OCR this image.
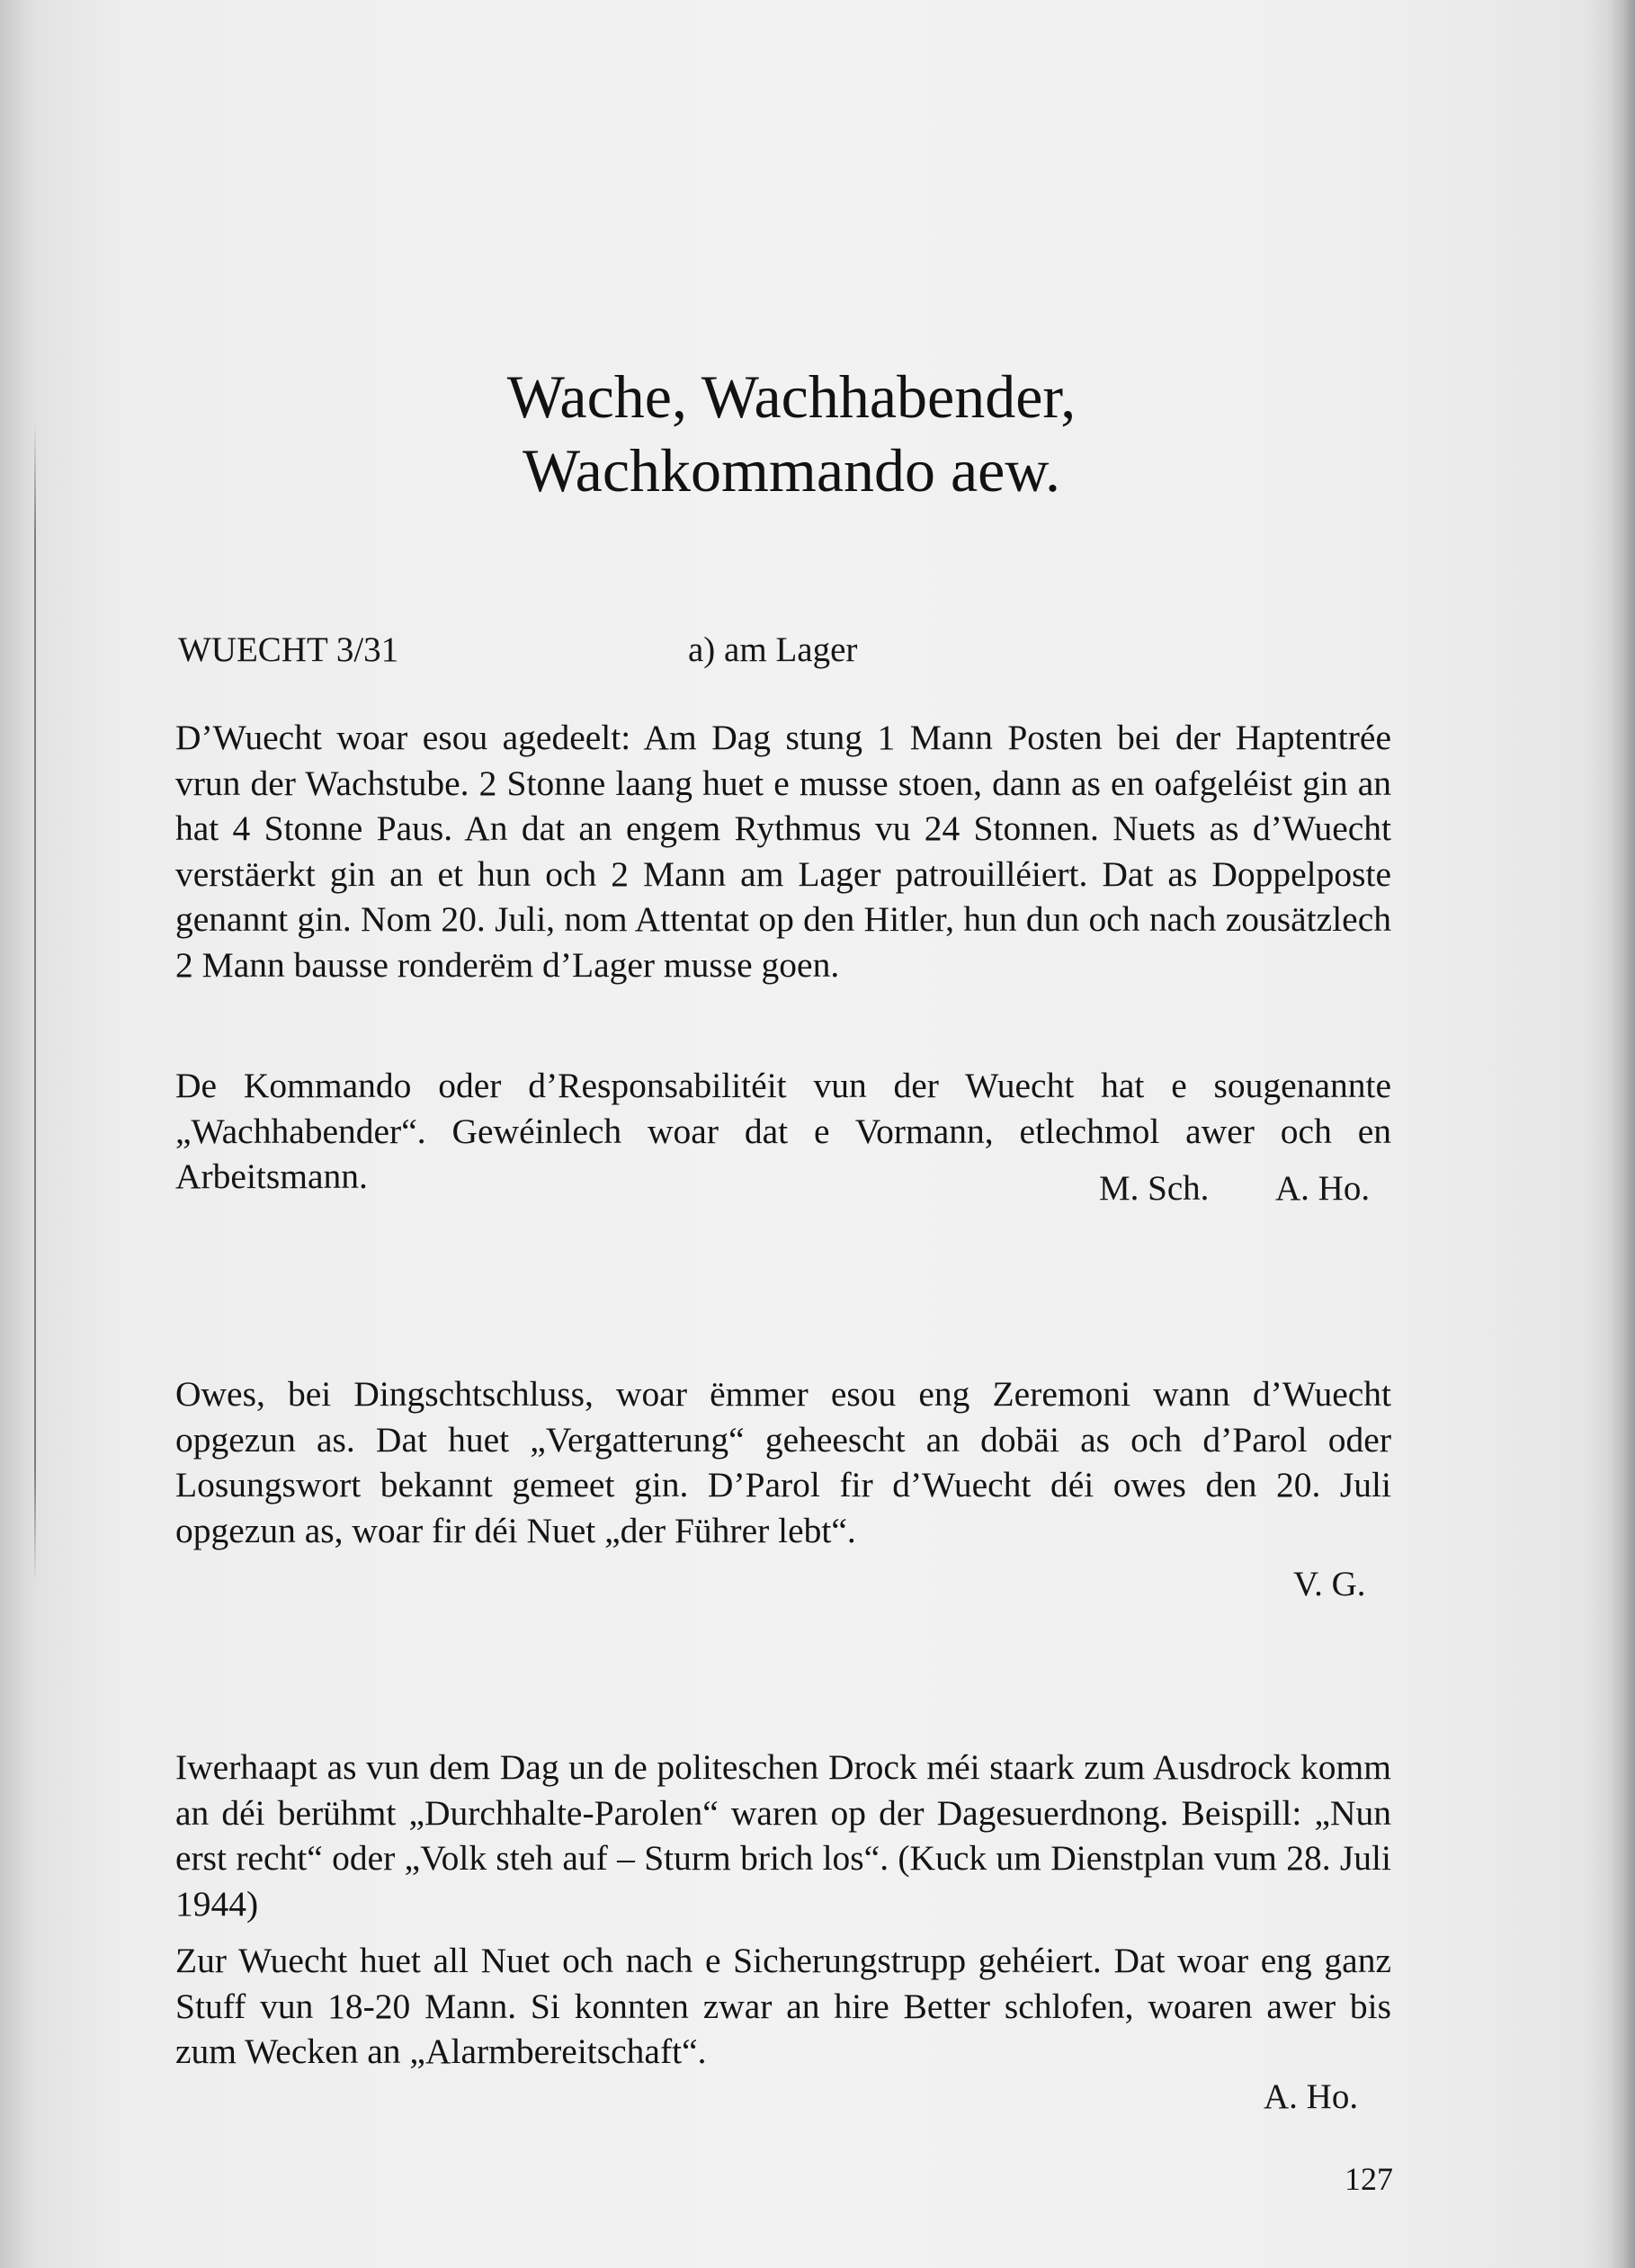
Wache, Wachhabender,
Wachkommando aew.
WUECHT 3/31	a) am Lager

D’Wuecht woar esou agedeelt: Am Dag stung 1 Mann Posten bei der Haptentrée vrun der Wachstube. 2 Stonne laang huet e musse stoen, dann as en oafgeléist gin an hat 4 Stonne Paus. An dat an engem Rythmus vu 24 Stonnen. Nuets as d’Wuecht verstäerkt gin an et hun och 2 Mann am Lager patrouilléiert. Dat as Doppelposte genannt gin. Nom 20. Juli, nom Attentat op den Hitler, hun dun och nach zousätzlech 2 Mann bausse ronderëm d’Lager musse goen.

De Kommando oder d’Responsabilitéit vun der Wuecht hat e sougenannte „Wachhabender“. Gewéinlech woar dat e Vormann, etlechmol awer och en Arbeitsmann.	M. Sch. A. Ho.

Owes, bei Dingschtschluss, woar ëmmer esou eng Zeremoni wann d’Wuecht opgezun as. Dat huet „Vergatterung“ geheescht an dobäi as och d’Parol oder Losungswort bekannt gemeet gin. D’Parol fir d’Wuecht déi owes den 20. Juli opgezun as, woar fir déi Nuet „der Führer lebt“.

V. G.

Iwerhaapt as vun dem Dag un de politeschen Drock méi staark zum Ausdrock komm an déi berühmt „Durchhalte-Parolen“ waren op der Dagesuerdnong. Beispill: „Nun erst recht“ oder „Volk steh auf – Sturm brich los“. (Kuck um Dienstplan vum 28. Juli 1944)

Zur Wuecht huet all Nuet och nach e Sicherungstrupp gehéiert. Dat woar eng ganz Stuff vun 18-20 Mann. Si konnten zwar an hire Better schlofen, woaren awer bis zum Wecken an „Alarmbereitschaft“.

A. Ho.
127
